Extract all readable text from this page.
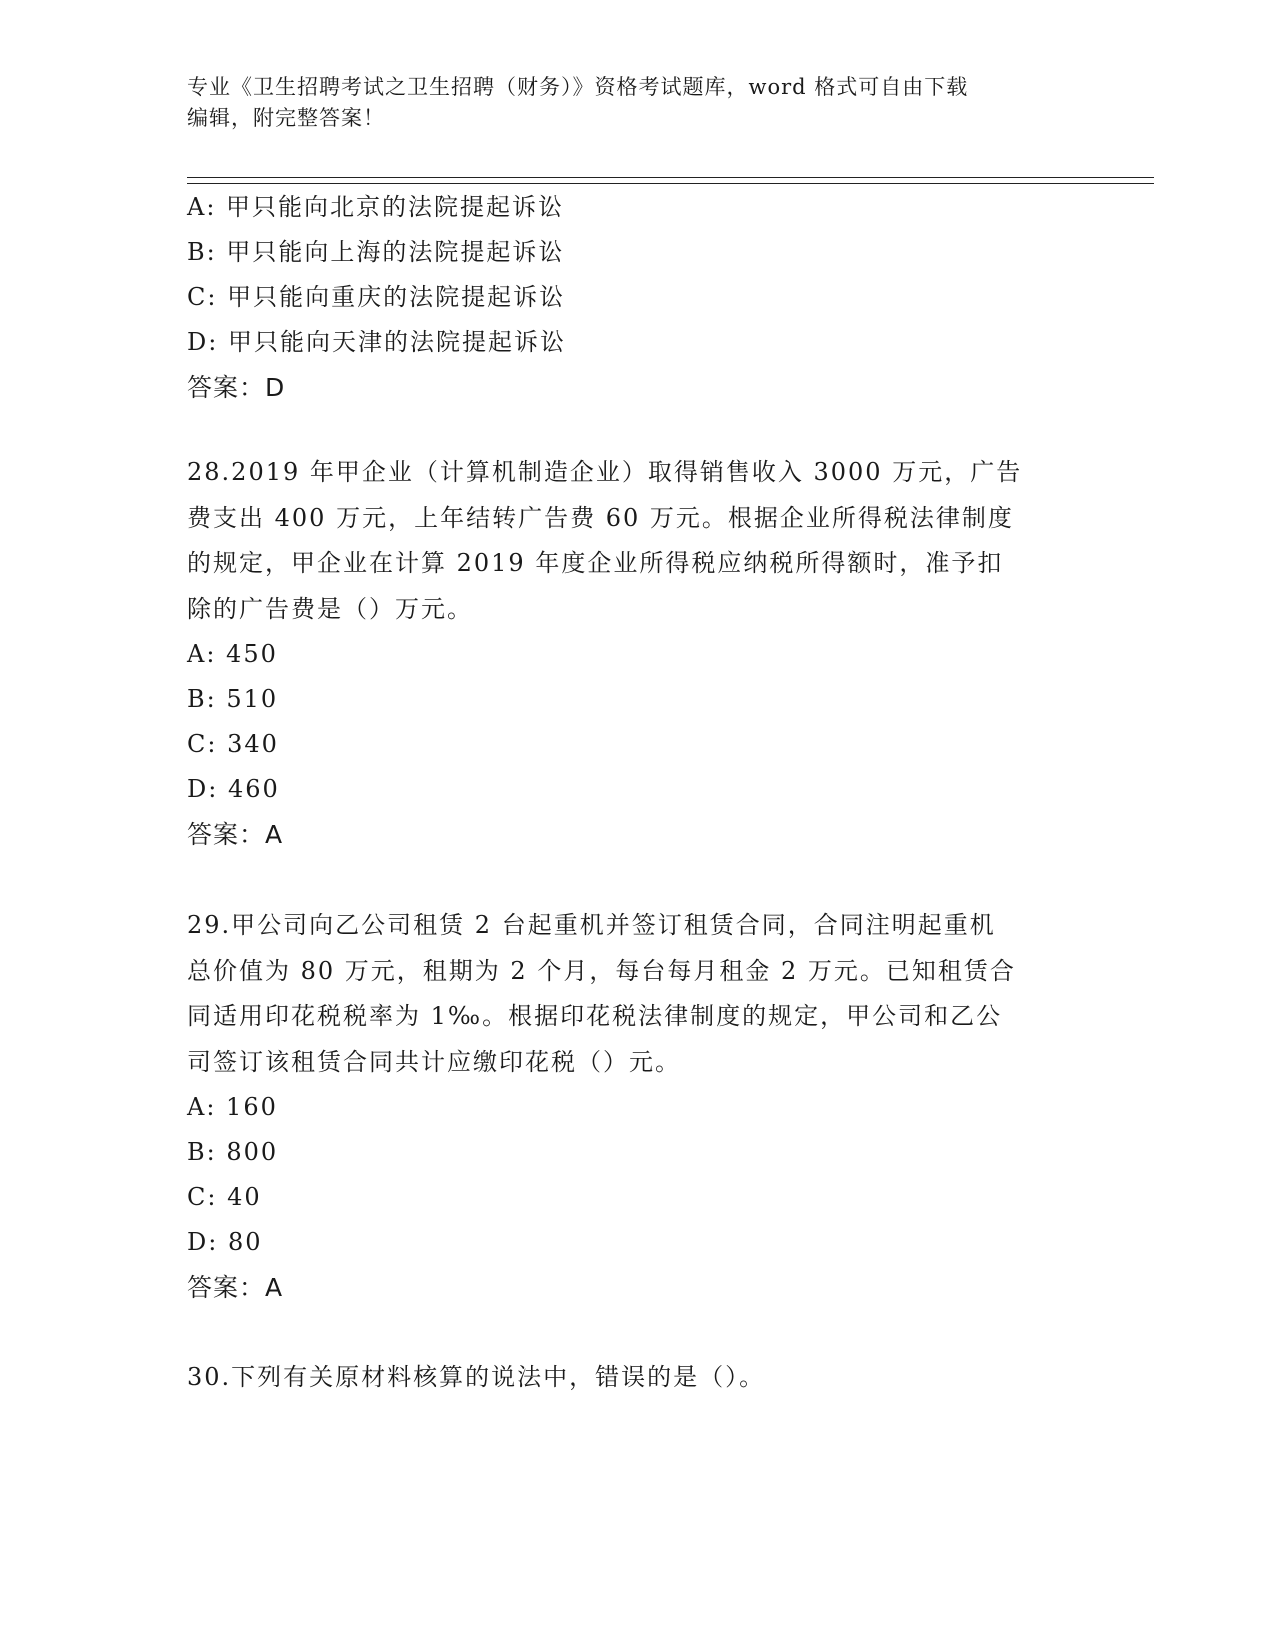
专业《卫生招聘考试之卫生招聘（财务）》资格考试题库，word 格式可自由下载
编辑，附完整答案！
A: 甲只能向北京的法院提起诉讼
B: 甲只能向上海的法院提起诉讼
C: 甲只能向重庆的法院提起诉讼
D: 甲只能向天津的法院提起诉讼
答案：D
28.2019 年甲企业（计算机制造企业）取得销售收入 3000 万元，广告
费支出 400 万元，上年结转广告费 60 万元。根据企业所得税法律制度
的规定，甲企业在计算 2019 年度企业所得税应纳税所得额时，准予扣
除的广告费是（）万元。
A: 450
B: 510
C: 340
D: 460
答案：A
29.甲公司向乙公司租赁 2 台起重机并签订租赁合同，合同注明起重机
总价值为 80 万元，租期为 2 个月，每台每月租金 2 万元。已知租赁合
同适用印花税税率为 1‰。根据印花税法律制度的规定，甲公司和乙公
司签订该租赁合同共计应缴印花税（）元。
A: 160
B: 800
C: 40
D: 80
答案：A
30.下列有关原材料核算的说法中，错误的是（）。
